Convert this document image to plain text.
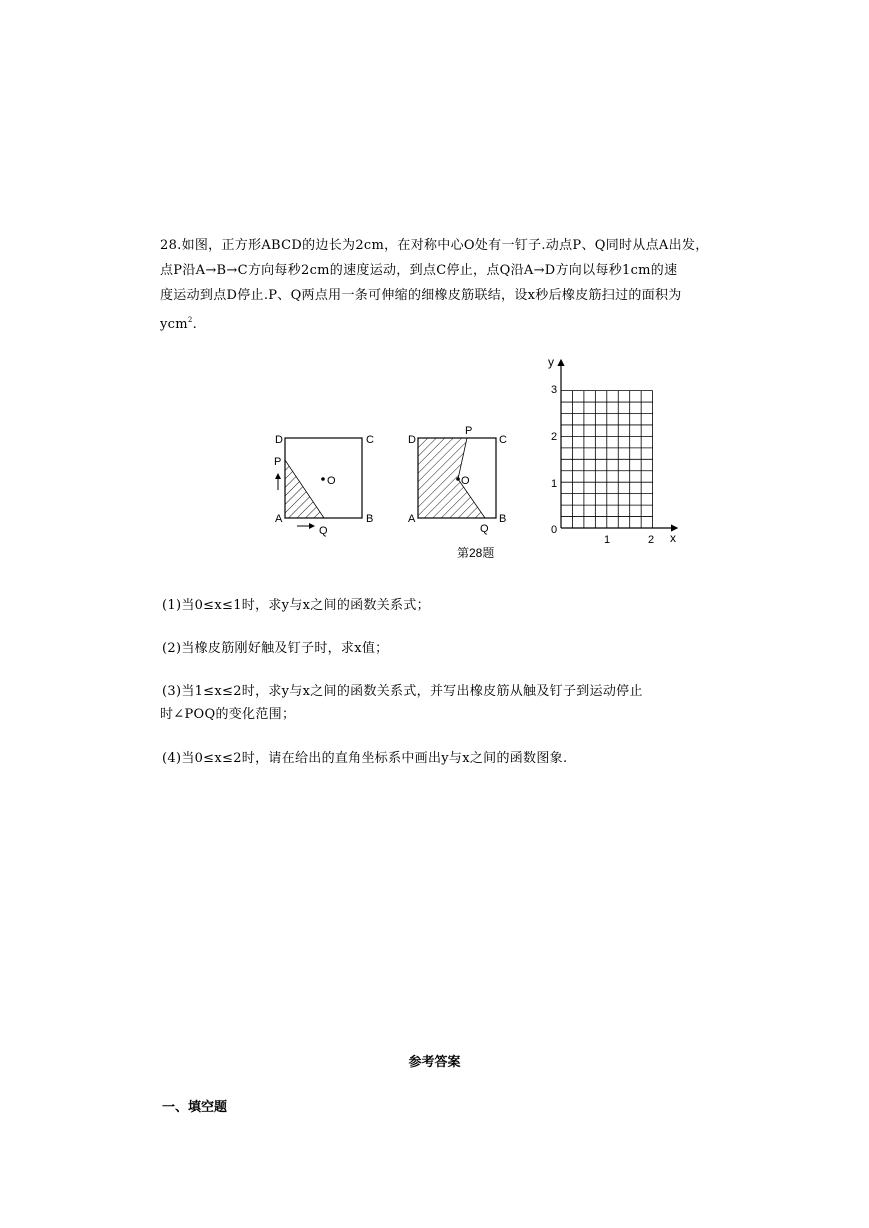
28.如图，正方形ABCD的边长为2cm，在对称中心O处有一钉子.动点P、Q同时从点A出发，
点P沿A→B→C方向每秒2cm的速度运动，到点C停止，点Q沿A→D方向以每秒1cm的速
度运动到点D停止.P、Q两点用一条可伸缩的细橡皮筋联结，设x秒后橡皮筋扫过的面积为
ycm$^2$.
D	C
P
O
A	B
Q
D
P
C
O
A	B
Q
第28题
y
x
0
1
2
3
1	2
(1)当0≤x≤1时，求y与x之间的函数关系式；
(2)当橡皮筋刚好触及钉子时，求x值；
(3)当1≤x≤2时，求y与x之间的函数关系式，并写出橡皮筋从触及钉子到运动停止
时∠POQ的变化范围；
(4)当0≤x≤2时，请在给出的直角坐标系中画出y与x之间的函数图象.
参考答案
一、填空题
